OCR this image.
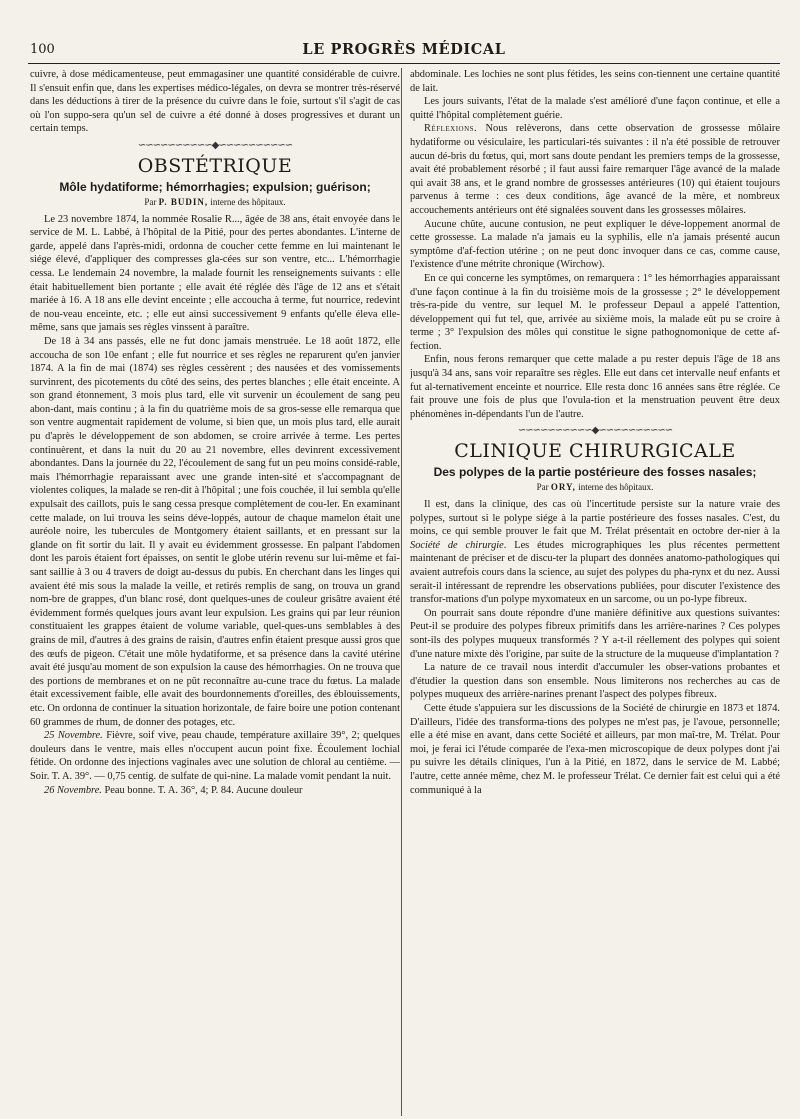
100	LE PROGRÈS MÉDICAL

cuivre, à dose médicamenteuse, peut emmagasiner une quantité considérable de cuivre. Il s'ensuit enfin que, dans les expertises médico-légales, on devra se montrer très-réservé dans les déductions à tirer de la présence du cuivre dans le foie, surtout s'il s'agit de cas où l'on suppo-sera qu'un sel de cuivre a été donné à doses progressives et durant un certain temps.

∽∽∽∽∽∽∽∽∽∽◆∽∽∽∽∽∽∽∽∽∽
OBSTÉTRIQUE
Môle hydatiforme; hémorrhagies; expulsion; guérison;
Par P. BUDIN, interne des hôpitaux.

Le 23 novembre 1874, la nommée Rosalie R..., âgée de 38 ans, était envoyée dans le service de M. L. Labbé, à l'hôpital de la Pitié, pour des pertes abondantes. L'interne de garde, appelé dans l'après-midi, ordonna de coucher cette femme en lui maintenant le siége élevé, d'appliquer des compresses gla-cées sur son ventre, etc... L'hémorrhagie cessa. Le lendemain 24 novembre, la malade fournit les renseignements suivants : elle était habituellement bien portante ; elle avait été réglée dès l'âge de 12 ans et s'était mariée à 16. A 18 ans elle devint enceinte ; elle accoucha à terme, fut nourrice, redevint de nou-veau enceinte, etc. ; elle eut ainsi successivement 9 enfants qu'elle éleva elle-même, sans que jamais ses règles vinssent à paraître.

De 18 à 34 ans passés, elle ne fut donc jamais menstruée. Le 18 août 1872, elle accoucha de son 10e enfant ; elle fut nourrice et ses règles ne reparurent qu'en janvier 1874. A la fin de mai (1874) ses règles cessèrent ; des nausées et des vomissements survinrent, des picotements du côté des seins, des pertes blanches ; elle était enceinte. A son grand étonnement, 3 mois plus tard, elle vit survenir un écoulement de sang peu abon-dant, mais continu ; à la fin du quatrième mois de sa gros-sesse elle remarqua que son ventre augmentait rapidement de volume, si bien que, un mois plus tard, elle aurait pu d'après le développement de son abdomen, se croire arrivée à terme. Les pertes continuèrent, et dans la nuit du 20 au 21 novembre, elles devinrent excessivement abondantes. Dans la journée du 22, l'écoulement de sang fut un peu moins considé-rable, mais l'hémorrhagie reparaissant avec une grande inten-sité et s'accompagnant de violentes coliques, la malade se ren-dit à l'hôpital ; une fois couchée, il lui sembla qu'elle expulsait des caillots, puis le sang cessa presque complètement de cou-ler. En examinant cette malade, on lui trouva les seins déve-loppés, autour de chaque mamelon était une auréole noire, les tubercules de Montgomery étaient saillants, et en pressant sur la glande on fit sortir du lait. Il y avait eu évidemment grossesse. En palpant l'abdomen dont les parois étaient fort épaisses, on sentit le globe utérin revenu sur lui-même et fai-sant saillie à 3 ou 4 travers de doigt au-dessus du pubis. En cherchant dans les linges qui avaient été mis sous la malade la veille, et retirés remplis de sang, on trouva un grand nom-bre de grappes, d'un blanc rosé, dont quelques-unes de couleur grisâtre avaient été évidemment formés quelques jours avant leur expulsion. Les grains qui par leur réunion constituaient les grappes étaient de volume variable, quel-ques-uns semblables à des grains de mil, d'autres à des grains de raisin, d'autres enfin étaient presque aussi gros que des œufs de pigeon. C'était une môle hydatiforme, et sa présence dans la cavité utérine avait été jusqu'au moment de son expulsion la cause des hémorrhagies. On ne trouva que des portions de membranes et on ne pût reconnaître au-cune trace du fœtus. La malade était excessivement faible, elle avait des bourdonnements d'oreilles, des éblouissements, etc. On ordonna de continuer la situation horizontale, de faire boire une potion contenant 60 grammes de rhum, de donner des potages, etc.

25 Novembre. Fièvre, soif vive, peau chaude, température axillaire 39°, 2; quelques douleurs dans le ventre, mais elles n'occupent aucun point fixe. Écoulement lochial fétide. On ordonne des injections vaginales avec une solution de chloral au centième. — Soir. T. A. 39°. — 0,75 centig. de sulfate de qui-nine. La malade vomit pendant la nuit.

26 Novembre. Peau bonne. T. A. 36°, 4; P. 84. Aucune douleur

abdominale. Les lochies ne sont plus fétides, les seins con-tiennent une certaine quantité de lait.

Les jours suivants, l'état de la malade s'est amélioré d'une façon continue, et elle a quitté l'hôpital complètement guérie.

Réflexions. Nous relèverons, dans cette observation de grossesse môlaire hydatiforme ou vésiculaire, les particulari-tés suivantes : il n'a été possible de retrouver aucun dé-bris du fœtus, qui, mort sans doute pendant les premiers temps de la grossesse, avait été probablement résorbé ; il faut aussi faire remarquer l'âge avancé de la malade qui avait 38 ans, et le grand nombre de grossesses antérieures (10) qui étaient toujours parvenus à terme : ces deux conditions, âge avancé de la mère, et nombreux accouchements antérieurs ont été signalées souvent dans les grossesses môlaires.

Aucune chûte, aucune contusion, ne peut expliquer le déve-loppement anormal de cette grossesse. La malade n'a jamais eu la syphilis, elle n'a jamais présenté aucun symptôme d'af-fection utérine ; on ne peut donc invoquer dans ce cas, comme cause, l'existence d'une métrite chronique (Wirchow).

En ce qui concerne les symptômes, on remarquera : 1° les hémorrhagies apparaissant d'une façon continue à la fin du troisième mois de la grossesse ; 2° le développement très-ra-pide du ventre, sur lequel M. le professeur Depaul a appelé l'attention, développement qui fut tel, que, arrivée au sixième mois, la malade eût pu se croire à terme ; 3° l'expulsion des môles qui constitue le signe pathognomonique de cette af-fection.

Enfin, nous ferons remarquer que cette malade a pu rester depuis l'âge de 18 ans jusqu'à 34 ans, sans voir reparaître ses règles. Elle eut dans cet intervalle neuf enfants et fut al-ternativement enceinte et nourrice. Elle resta donc 16 années sans être réglée. Ce fait prouve une fois de plus que l'ovula-tion et la menstruation peuvent être deux phénomènes in-dépendants l'un de l'autre.

∽∽∽∽∽∽∽∽∽∽◆∽∽∽∽∽∽∽∽∽∽
CLINIQUE CHIRURGICALE
Des polypes de la partie postérieure des fosses nasales;
Par ORY, interne des hôpitaux.

Il est, dans la clinique, des cas où l'incertitude persiste sur la nature vraie des polypes, surtout si le polype siége à la partie postérieure des fosses nasales. C'est, du moins, ce qui semble prouver le fait que M. Trélat présentait en octobre der-nier à la Société de chirurgie. Les études micrographiques les plus récentes permettent maintenant de préciser et de discu-ter la plupart des données anatomo-pathologiques qui avaient autrefois cours dans la science, au sujet des polypes du pha-rynx et du nez. Aussi serait-il intéressant de reprendre les observations publiées, pour discuter l'existence des transfor-mations d'un polype myxomateux en un sarcome, ou un po-lype fibreux.

On pourrait sans doute répondre d'une manière définitive aux questions suivantes: Peut-il se produire des polypes fibreux primitifs dans les arrière-narines ? Ces polypes sont-ils des polypes muqueux transformés ? Y a-t-il réellement des polypes qui soient d'une nature mixte dès l'origine, par suite de la structure de la muqueuse d'implantation ?

La nature de ce travail nous interdit d'accumuler les obser-vations probantes et d'étudier la question dans son ensemble. Nous limiterons nos recherches au cas de polypes muqueux des arrière-narines prenant l'aspect des polypes fibreux.

Cette étude s'appuiera sur les discussions de la Société de chirurgie en 1873 et 1874. D'ailleurs, l'idée des transforma-tions des polypes ne m'est pas, je l'avoue, personnelle; elle a été mise en avant, dans cette Société et ailleurs, par mon maî-tre, M. Trélat. Pour moi, je ferai ici l'étude comparée de l'exa-men microscopique de deux polypes dont j'ai pu suivre les détails cliniques, l'un à la Pitié, en 1872, dans le service de M. Labbé; l'autre, cette année même, chez M. le professeur Trélat. Ce dernier fait est celui qui a été communiqué à la
